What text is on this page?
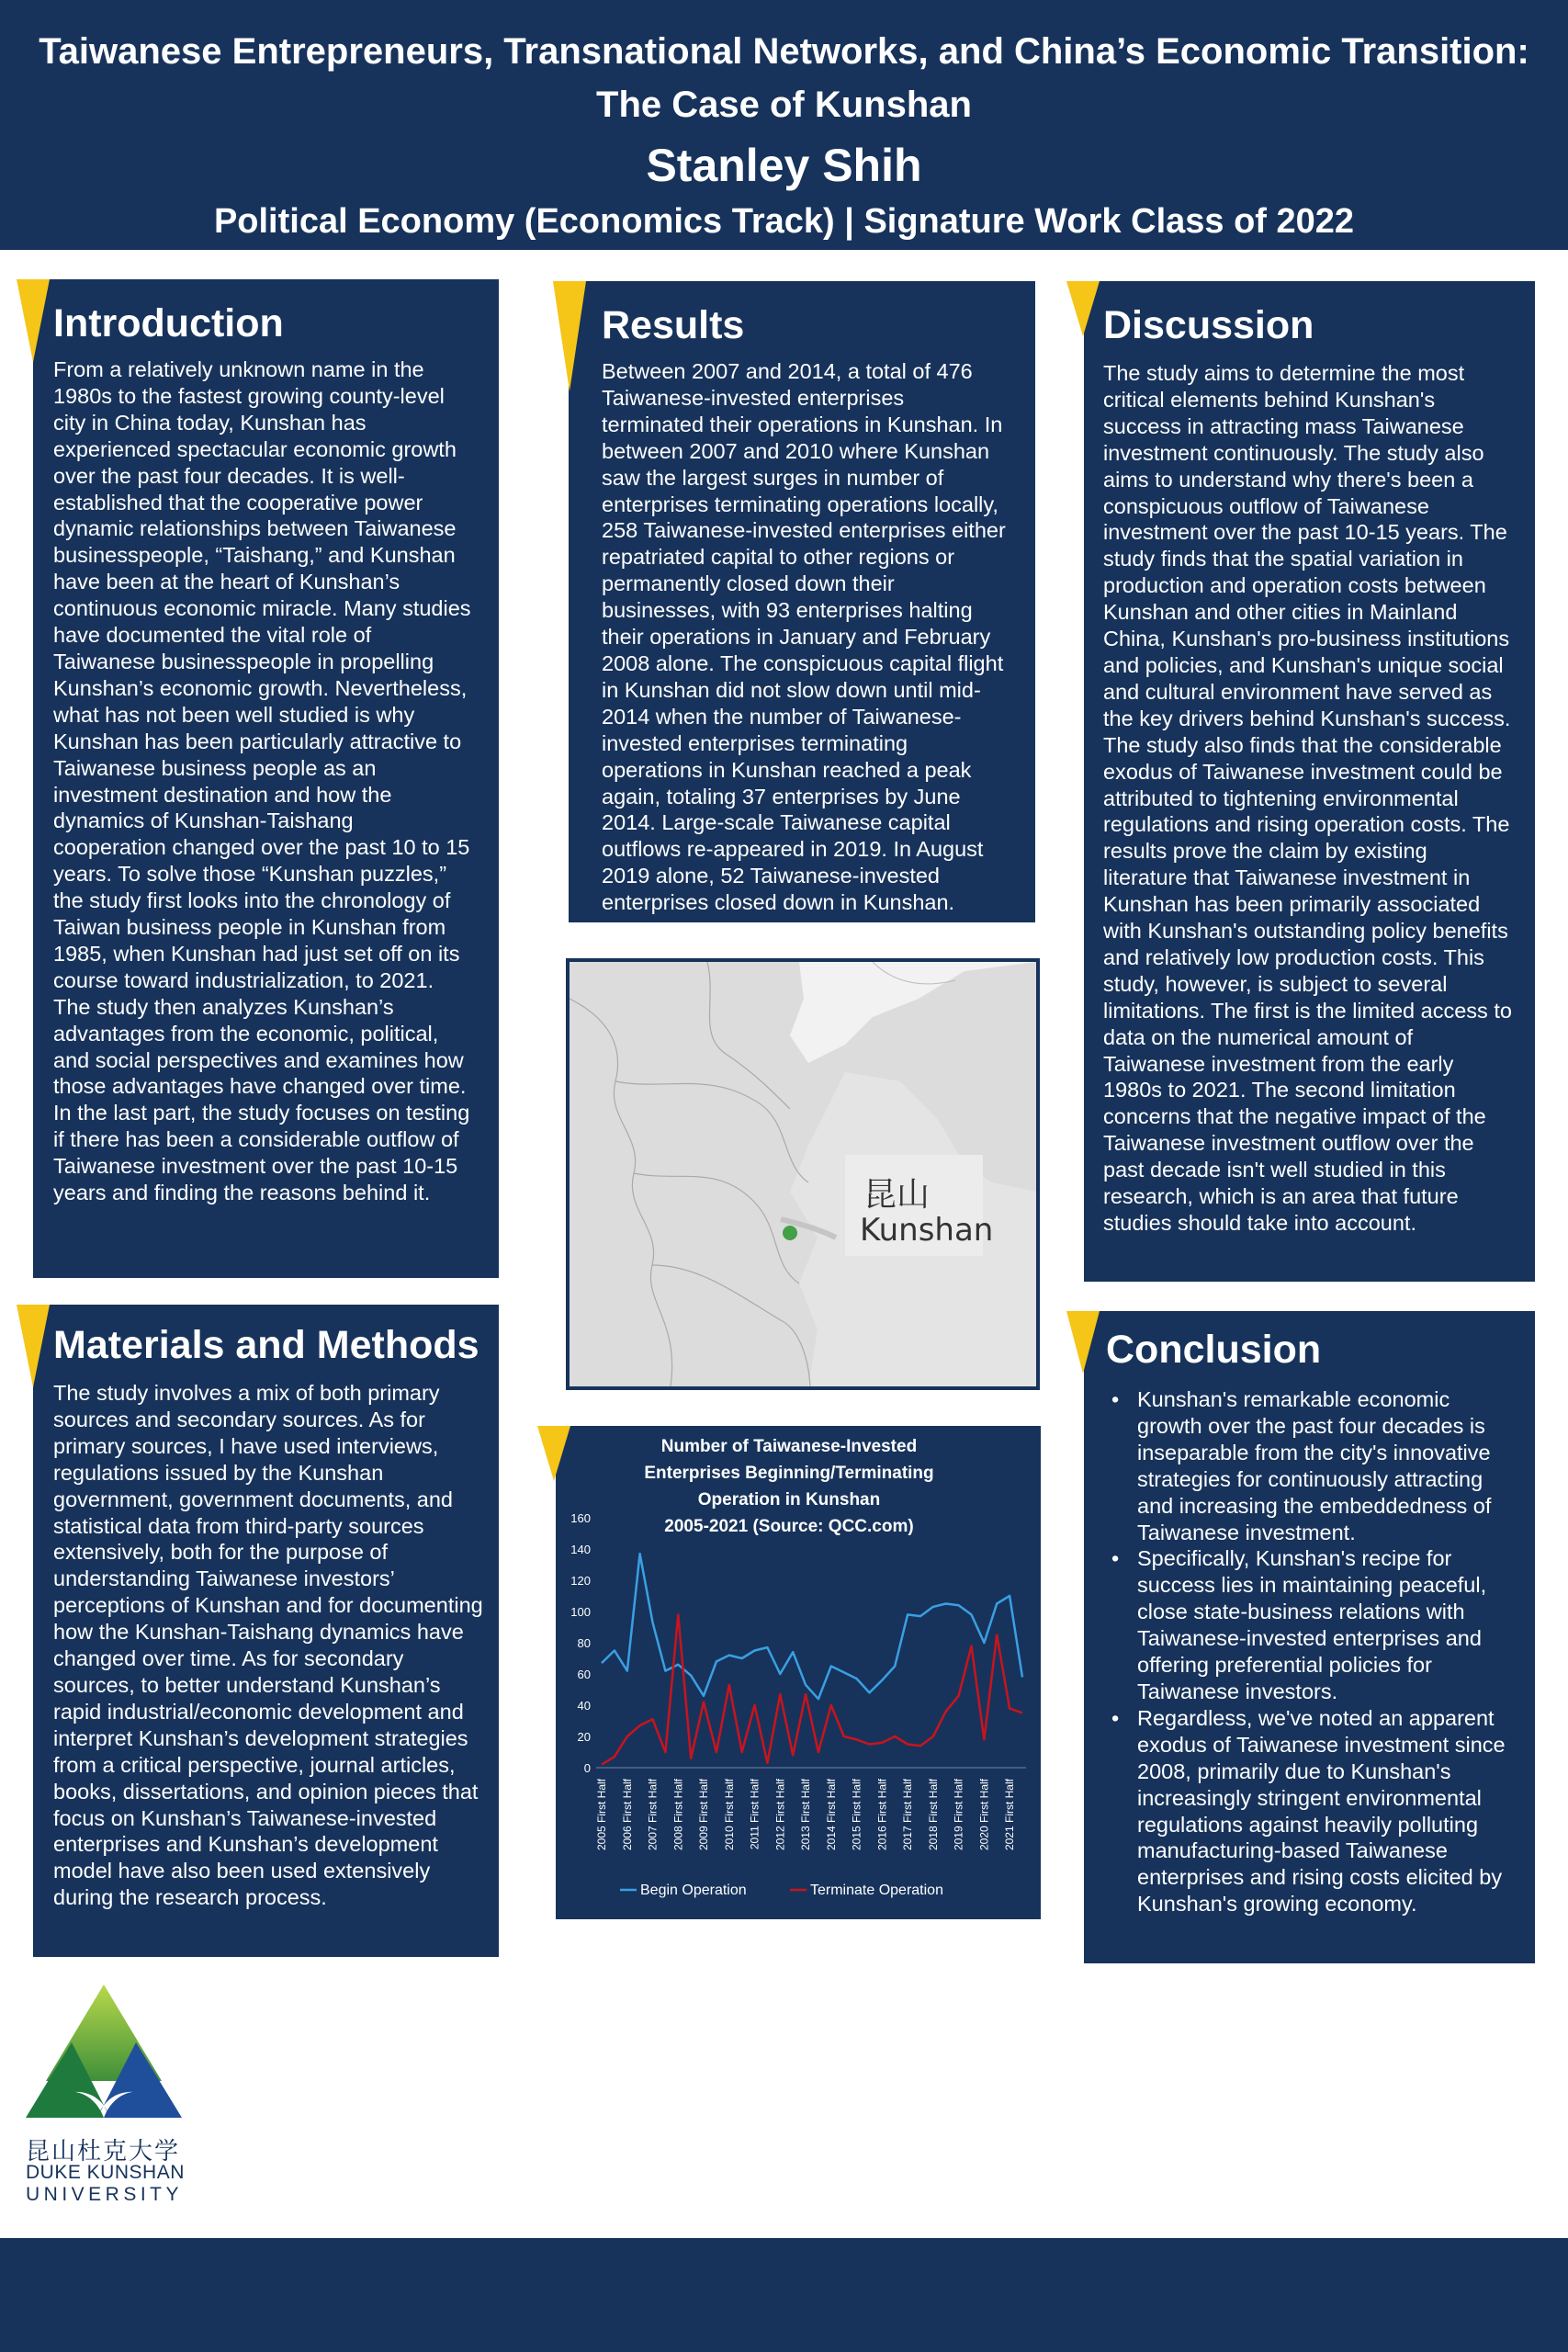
Taiwanese Entrepreneurs, Transnational Networks, and China’s Economic Transition:
The Case of Kunshan
Stanley Shih
Political Economy (Economics Track) | Signature Work Class of 2022
Introduction

From a relatively unknown name in the

1980s to the fastest growing county-level

city in China today, Kunshan has

experienced spectacular economic growth

over the past four decades. It is well-

established that the cooperative power

dynamic relationships between Taiwanese

businesspeople, “Taishang,” and Kunshan

have been at the heart of Kunshan’s

continuous economic miracle. Many studies

have documented the vital role of

Taiwanese businesspeople in propelling

Kunshan’s economic growth. Nevertheless,

what has not been well studied is why

Kunshan has been particularly attractive to

Taiwanese business people as an

investment destination and how the

dynamics of Kunshan-Taishang

cooperation changed over the past 10 to 15

years. To solve those “Kunshan puzzles,”

the study first looks into the chronology of

Taiwan business people in Kunshan from

1985, when Kunshan had just set off on its

course toward industrialization, to 2021.

The study then analyzes Kunshan’s

advantages from the economic, political,

and social perspectives and examines how

those advantages have changed over time.

In the last part, the study focuses on testing

if there has been a considerable outflow of

Taiwanese investment over the past 10-15

years and finding the reasons behind it.

Materials and Methods

The study involves a mix of both primary

sources and secondary sources. As for

primary sources, I have used interviews,

regulations issued by the Kunshan

government, government documents, and

statistical data from third-party sources

extensively, both for the purpose of

understanding Taiwanese investors’

perceptions of Kunshan and for documenting

how the Kunshan-Taishang dynamics have

changed over time. As for secondary

sources, to better understand Kunshan’s

rapid industrial/economic development and

interpret Kunshan’s development strategies

from a critical perspective, journal articles,

books, dissertations, and opinion pieces that

focus on Kunshan’s Taiwanese-invested

enterprises and Kunshan’s development

model have also been used extensively

during the research process.

Results

Between 2007 and 2014, a total of 476

Taiwanese-invested enterprises

terminated their operations in Kunshan. In

between 2007 and 2010 where Kunshan

saw the largest surges in number of

enterprises terminating operations locally,

258 Taiwanese-invested enterprises either

repatriated capital to other regions or

permanently closed down their

businesses, with 93 enterprises halting

their operations in January and February

2008 alone. The conspicuous capital flight

in Kunshan did not slow down until mid-

2014 when the number of Taiwanese-

invested enterprises terminating

operations in Kunshan reached a peak

again, totaling 37 enterprises by June

2014. Large-scale Taiwanese capital

outflows re-appeared in 2019. In August

2019 alone, 52 Taiwanese-invested

enterprises closed down in Kunshan.

昆山
Kunshan
Number of Taiwanese-Invested
Enterprises Beginning/Terminating
Operation in Kunshan
2005-2021 (Source: QCC.com)
0
20
40
60
80
100
120
140
160
2005 First Half 2006 First Half 2007 First Half 2008 First Half 2009 First Half 2010 First Half 2011 First Half 2012 First Half 2013 First Half 2014 First Half 2015 First Half 2016 First Half 2017 First Half 2018 First Half 2019 First Half 2020 First Half 2021 First Half
Begin Operation	Terminate Operation
Discussion

The study aims to determine the most

critical elements behind Kunshan's

success in attracting mass Taiwanese

investment continuously. The study also

aims to understand why there's been a

conspicuous outflow of Taiwanese

investment over the past 10-15 years. The

study finds that the spatial variation in

production and operation costs between

Kunshan and other cities in Mainland

China, Kunshan's pro-business institutions

and policies, and Kunshan's unique social

and cultural environment have served as

the key drivers behind Kunshan's success.

The study also finds that the considerable

exodus of Taiwanese investment could be

attributed to tightening environmental

regulations and rising operation costs. The

results prove the claim by existing

literature that Taiwanese investment in

Kunshan has been primarily associated

with Kunshan's outstanding policy benefits

and relatively low production costs. This

study, however, is subject to several

limitations. The first is the limited access to

data on the numerical amount of

Taiwanese investment from the early

1980s to 2021. The second limitation

concerns that the negative impact of the

Taiwanese investment outflow over the

past decade isn't well studied in this

research, which is an area that future

studies should take into account.

Conclusion
• Kunshan's remarkable economic
growth over the past four decades is
inseparable from the city's innovative
strategies for continuously attracting
and increasing the embeddedness of
Taiwanese investment.
• Specifically, Kunshan's recipe for
success lies in maintaining peaceful,
close state-business relations with
Taiwanese-invested enterprises and
offering preferential policies for
Taiwanese investors.
• Regardless, we've noted an apparent
exodus of Taiwanese investment since
2008, primarily due to Kunshan's
increasingly stringent environmental
regulations against heavily polluting
manufacturing-based Taiwanese
enterprises and rising costs elicited by
Kunshan's growing economy.
昆山杜克大学
DUKE KUNSHAN
UNIVERSITY
